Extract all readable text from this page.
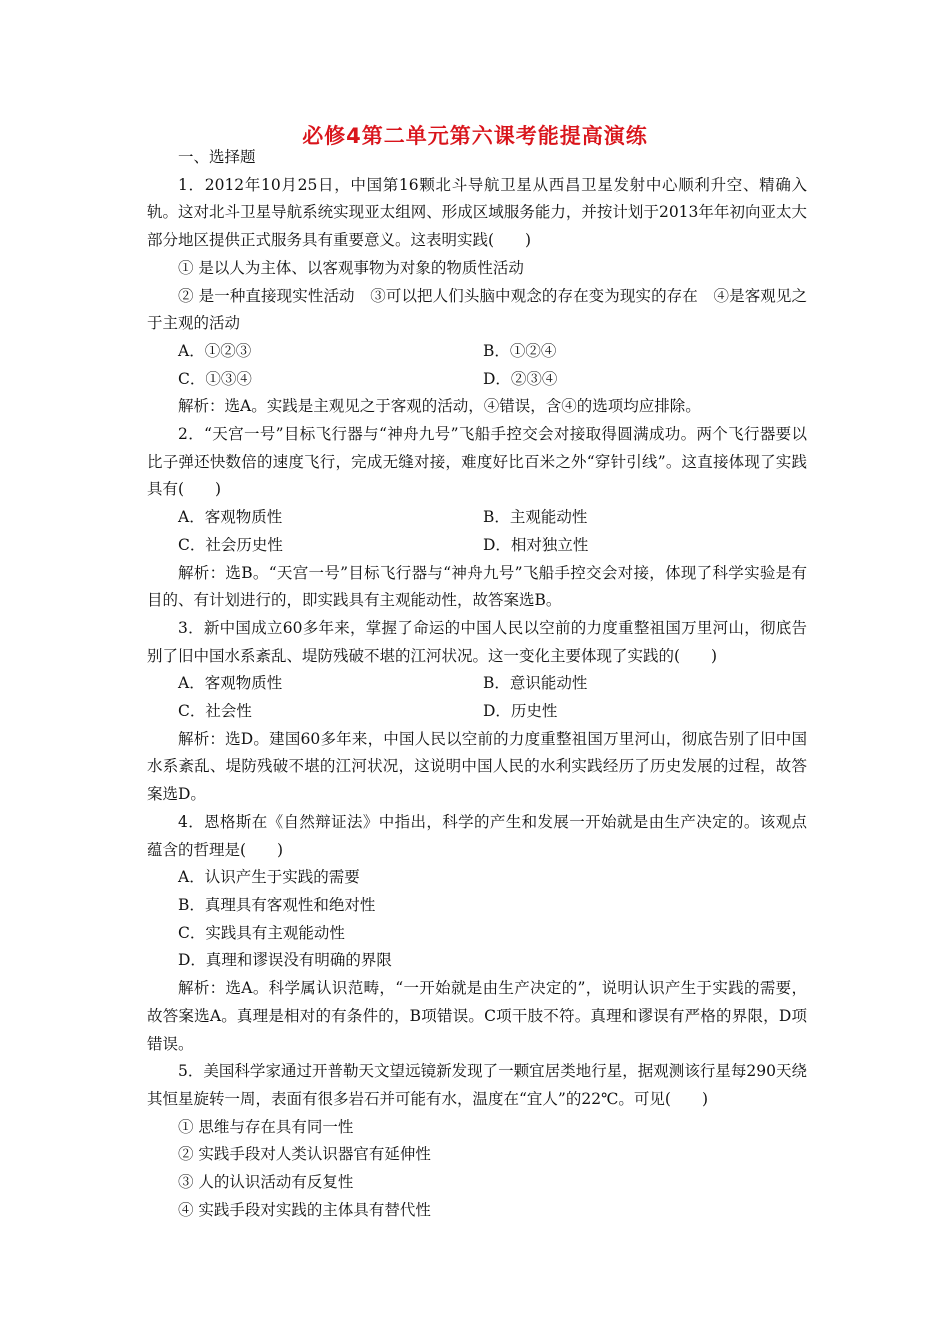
必修4第二单元第六课考能提高演练

一、选择题

1．2012年10月25日，中国第16颗北斗导航卫星从西昌卫星发射中心顺利升空、精确入轨。这对北斗卫星导航系统实现亚太组网、形成区域服务能力，并按计划于2013年年初向亚太大部分地区提供正式服务具有重要意义。这表明实践(　　)

① 是以人为主体、以客观事物为对象的物质性活动

② 是一种直接现实性活动　③可以把人们头脑中观念的存在变为现实的存在　④是客观见之于主观的活动

A．①②③	B．①②④
C．①③④	D．②③④

解析：选A。实践是主观见之于客观的活动，④错误，含④的选项均应排除。

2．“天宫一号”目标飞行器与“神舟九号”飞船手控交会对接取得圆满成功。两个飞行器要以比子弹还快数倍的速度飞行，完成无缝对接，难度好比百米之外“穿针引线”。这直接体现了实践具有(　　)

A．客观物质性	B．主观能动性
C．社会历史性	D．相对独立性

解析：选B。“天宫一号”目标飞行器与“神舟九号”飞船手控交会对接，体现了科学实验是有目的、有计划进行的，即实践具有主观能动性，故答案选B。

3．新中国成立60多年来，掌握了命运的中国人民以空前的力度重整祖国万里河山，彻底告别了旧中国水系紊乱、堤防残破不堪的江河状况。这一变化主要体现了实践的(　　)

A．客观物质性	B．意识能动性
C．社会性	D．历史性

解析：选D。建国60多年来，中国人民以空前的力度重整祖国万里河山，彻底告别了旧中国水系紊乱、堤防残破不堪的江河状况，这说明中国人民的水利实践经历了历史发展的过程，故答案选D。

4．恩格斯在《自然辩证法》中指出，科学的产生和发展一开始就是由生产决定的。该观点蕴含的哲理是(　　)

A．认识产生于实践的需要

B．真理具有客观性和绝对性

C．实践具有主观能动性

D．真理和谬误没有明确的界限

解析：选A。科学属认识范畴，“一开始就是由生产决定的”，说明认识产生于实践的需要，故答案选A。真理是相对的有条件的，B项错误。C项干肢不符。真理和谬误有严格的界限，D项错误。

5．美国科学家通过开普勒天文望远镜新发现了一颗宜居类地行星，据观测该行星每290天绕其恒星旋转一周，表面有很多岩石并可能有水，温度在“宜人”的22℃。可见(　　)

① 思维与存在具有同一性

② 实践手段对人类认识器官有延伸性

③ 人的认识活动有反复性

④ 实践手段对实践的主体具有替代性
